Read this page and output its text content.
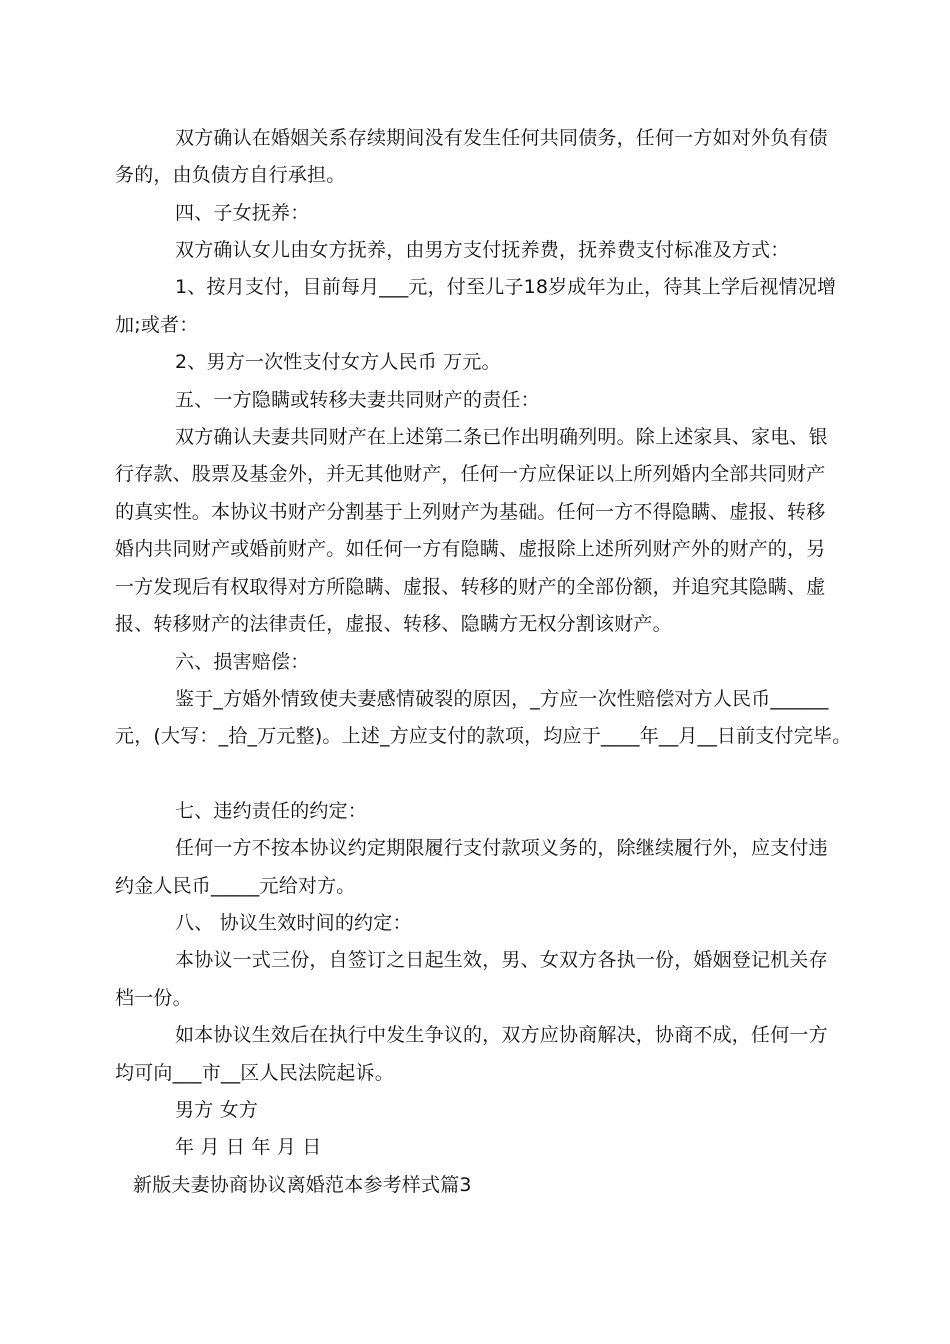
双方确认在婚姻关系存续期间没有发生任何共同债务，任何一方如对外负有债
务的，由负债方自行承担。
四、子女抚养：
双方确认女儿由女方抚养，由男方支付抚养费，抚养费支付标准及方式：
1、按月支付，目前每月___元，付至儿子18岁成年为止，待其上学后视情况增
加;或者：
2、男方一次性支付女方人民币 万元。
五、一方隐瞒或转移夫妻共同财产的责任：
双方确认夫妻共同财产在上述第二条已作出明确列明。除上述家具、家电、银
行存款、股票及基金外，并无其他财产，任何一方应保证以上所列婚内全部共同财产
的真实性。本协议书财产分割基于上列财产为基础。任何一方不得隐瞒、虚报、转移
婚内共同财产或婚前财产。如任何一方有隐瞒、虚报除上述所列财产外的财产的，另
一方发现后有权取得对方所隐瞒、虚报、转移的财产的全部份额，并追究其隐瞒、虚
报、转移财产的法律责任，虚报、转移、隐瞒方无权分割该财产。
六、损害赔偿：
鉴于_方婚外情致使夫妻感情破裂的原因，_方应一次性赔偿对方人民币______
元，(大写：_拾_万元整)。上述_方应支付的款项，均应于____年__月__日前支付完毕。
七、违约责任的约定：
任何一方不按本协议约定期限履行支付款项义务的，除继续履行外，应支付违
约金人民币_____元给对方。
八、 协议生效时间的约定：
本协议一式三份，自签订之日起生效，男、女双方各执一份，婚姻登记机关存
档一份。
如本协议生效后在执行中发生争议的，双方应协商解决，协商不成，任何一方
均可向___市__区人民法院起诉。
男方 女方
年 月 日 年 月 日
新版夫妻协商协议离婚范本参考样式篇3
